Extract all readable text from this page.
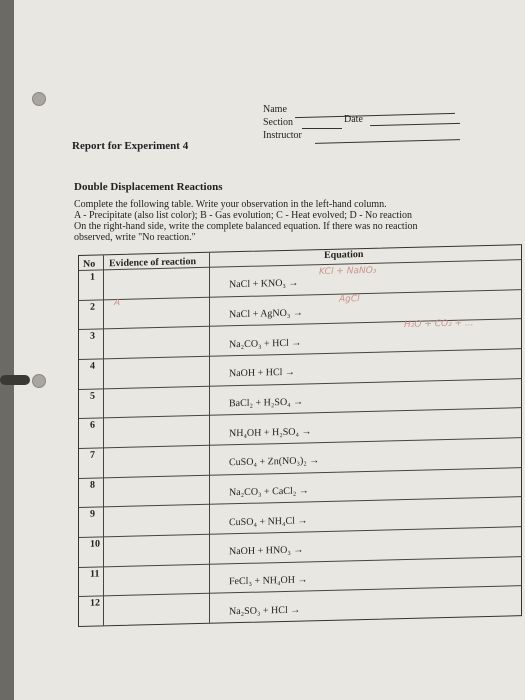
Name
Section	Date
Instructor
Report for Experiment 4
Double Displacement Reactions
Complete the following table. Write your observation in the left-hand column.
A - Precipitate (also list color); B - Gas evolution; C - Heat evolved; D - No reaction
On the right-hand side, write the complete balanced equation. If there was no reaction
observed, write "No reaction."
No Evidence of reaction
Equation
1
NaCl + KNO₃ →
2
NaCl + AgNO₃ →
3
Na₂CO₃ + HCl →
4
NaOH + HCl →
5
BaCl₂ + H₂SO₄ →
6
NH₄OH + H₂SO₄ →
7
CuSO₄ + Zn(NO₃)₂ →
8
Na₂CO₃ + CaCl₂ →
9
CuSO₄ + NH₄Cl →
10
NaOH + HNO₃ →
11
FeCl₃ + NH₄OH →
12
Na₂SO₃ + HCl →
KCl + NaNO₃
A	AgCl
H₂O + CO₂ + ...
